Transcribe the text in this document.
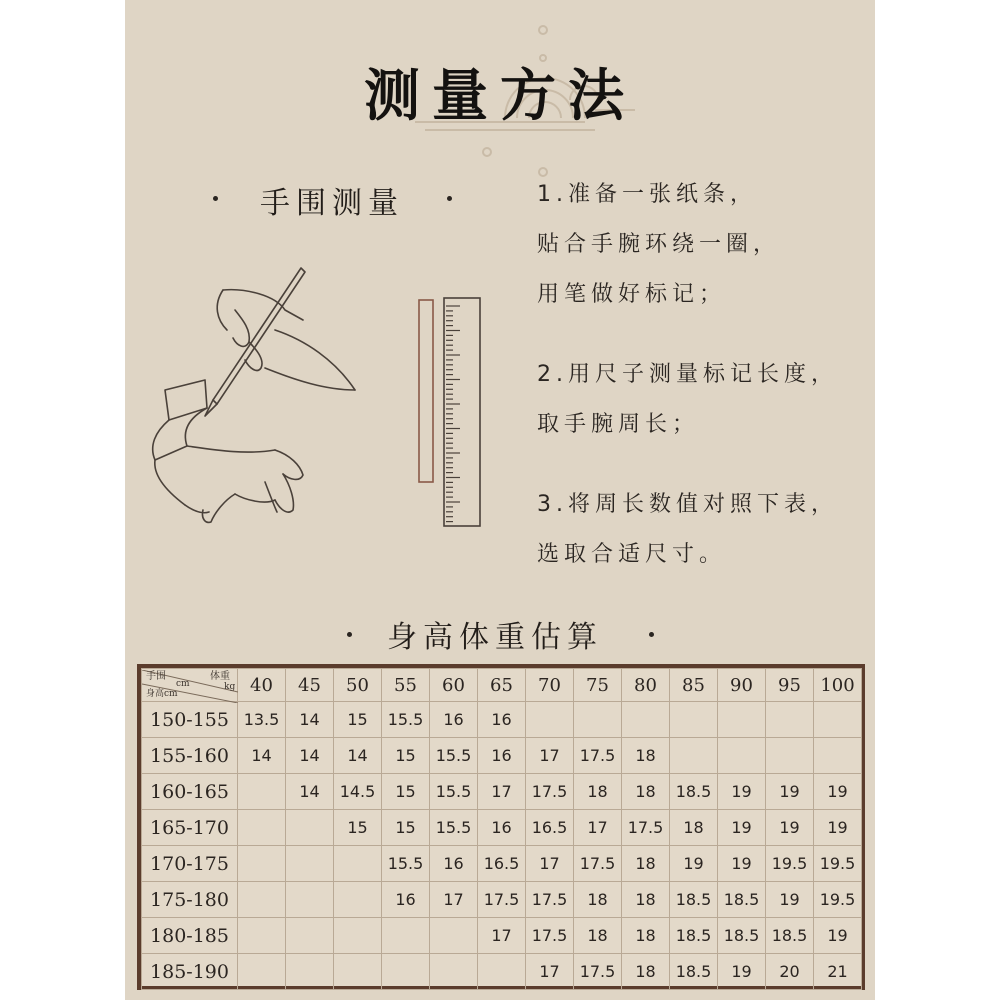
测量方法
手围测量	1.准备一张纸条，
贴合手腕环绕一圈，
用笔做好标记；
2.用尺子测量标记长度，
取手腕周长；
3.将周长数值对照下表，
选取合适尺寸。
身高体重估算
手围
cm
体重
kg
身高cm	40	45	50	55	60	65	70	75	80	85	90	95	100
150-155	13.5	14	15	15.5	16	16							
155-160	14	14	14	15	15.5	16	17	17.5	18				
160-165		14	14.5	15	15.5	17	17.5	18	18	18.5	19	19	19
165-170			15	15	15.5	16	16.5	17	17.5	18	19	19	19
170-175				15.5	16	16.5	17	17.5	18	19	19	19.5	19.5
175-180				16	17	17.5	17.5	18	18	18.5	18.5	19	19.5
180-185						17	17.5	18	18	18.5	18.5	18.5	19
185-190							17	17.5	18	18.5	19	20	21
